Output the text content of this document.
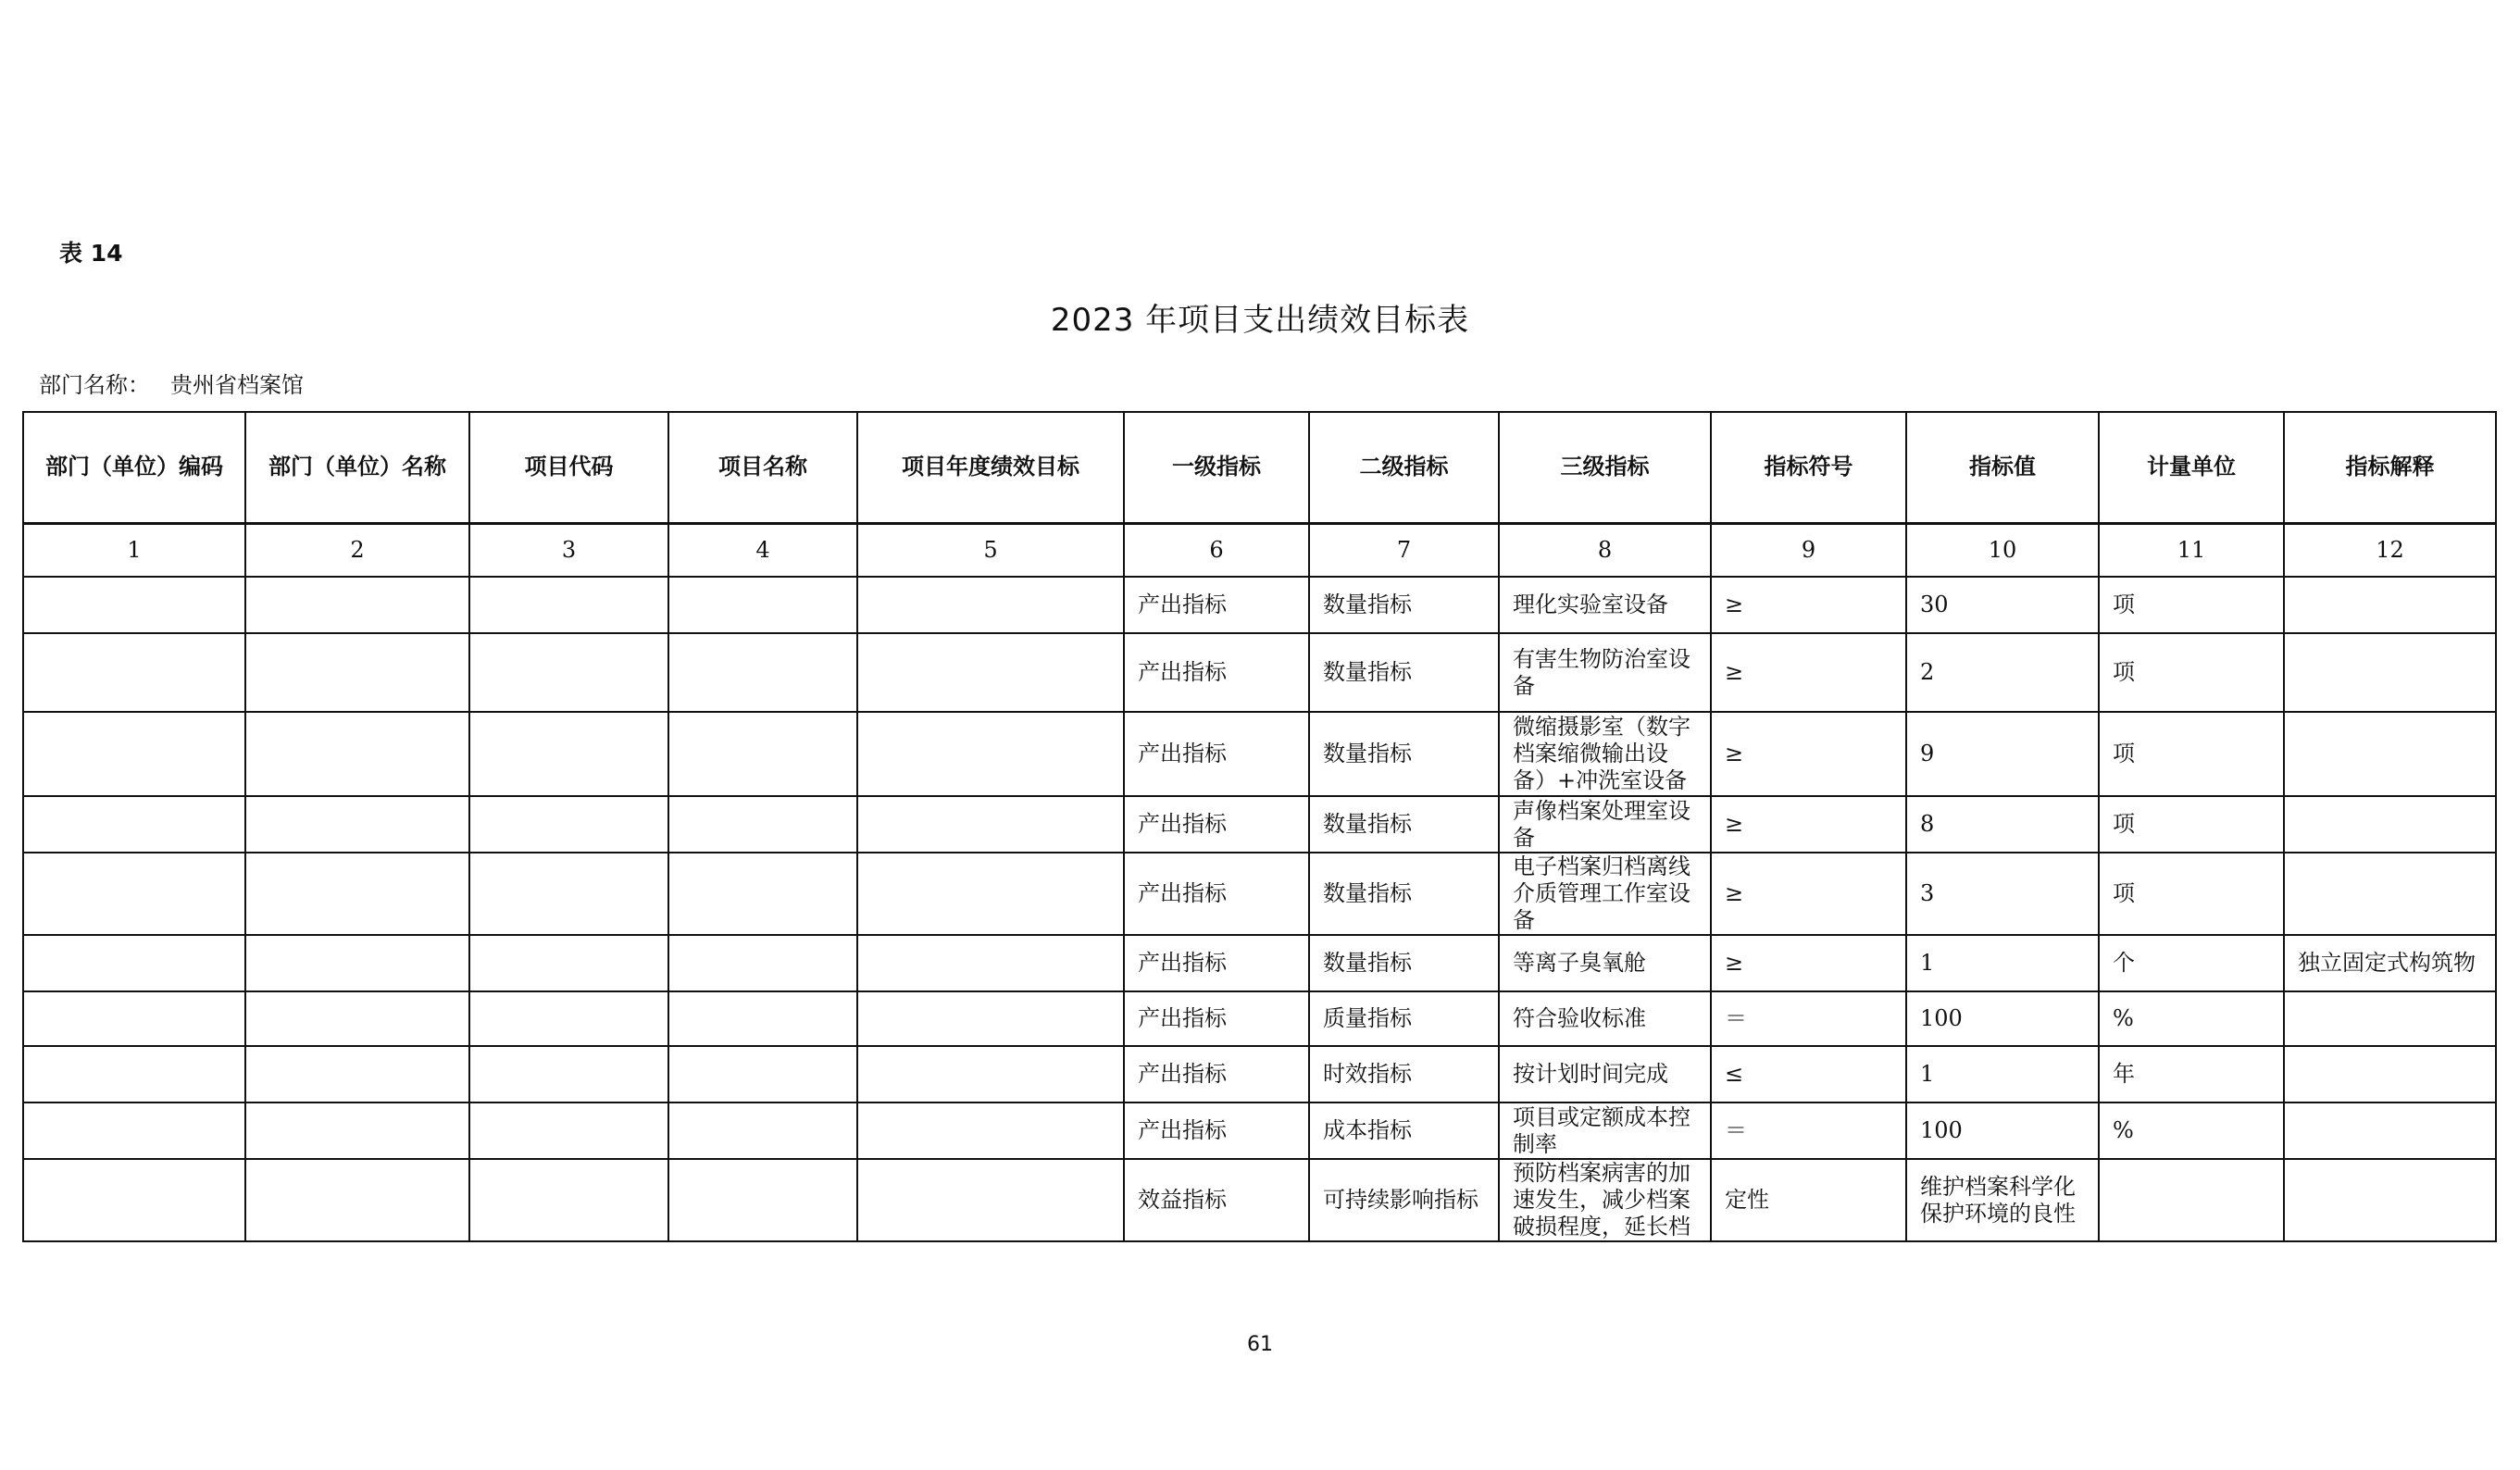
表 14
2023 年项目支出绩效目标表
部门名称： 贵州省档案馆
部门（单位）编码	部门（单位）名称	项目代码	项目名称	项目年度绩效目标	一级指标	二级指标	三级指标	指标符号	指标值	计量单位	指标解释
1	2	3	4	5	6	7	8	9	10	11	12
					产出指标	数量指标	理化实验室设备	≥	30	项	
					产出指标	数量指标	有害生物防治室设备	≥	2	项	
					产出指标	数量指标	微缩摄影室（数字档案缩微输出设备）+冲洗室设备	≥	9	项	
					产出指标	数量指标	声像档案处理室设备	≥	8	项	
					产出指标	数量指标	电子档案归档离线介质管理工作室设备	≥	3	项	
					产出指标	数量指标	等离子臭氧舱	≥	1	个	独立固定式构筑物
					产出指标	质量指标	符合验收标准	＝	100	%	
					产出指标	时效指标	按计划时间完成	≤	1	年	
					产出指标	成本指标	项目或定额成本控制率	＝	100	%	
					效益指标	可持续影响指标	预防档案病害的加速发生，减少档案破损程度，延长档	定性	维护档案科学化保护环境的良性		
61
